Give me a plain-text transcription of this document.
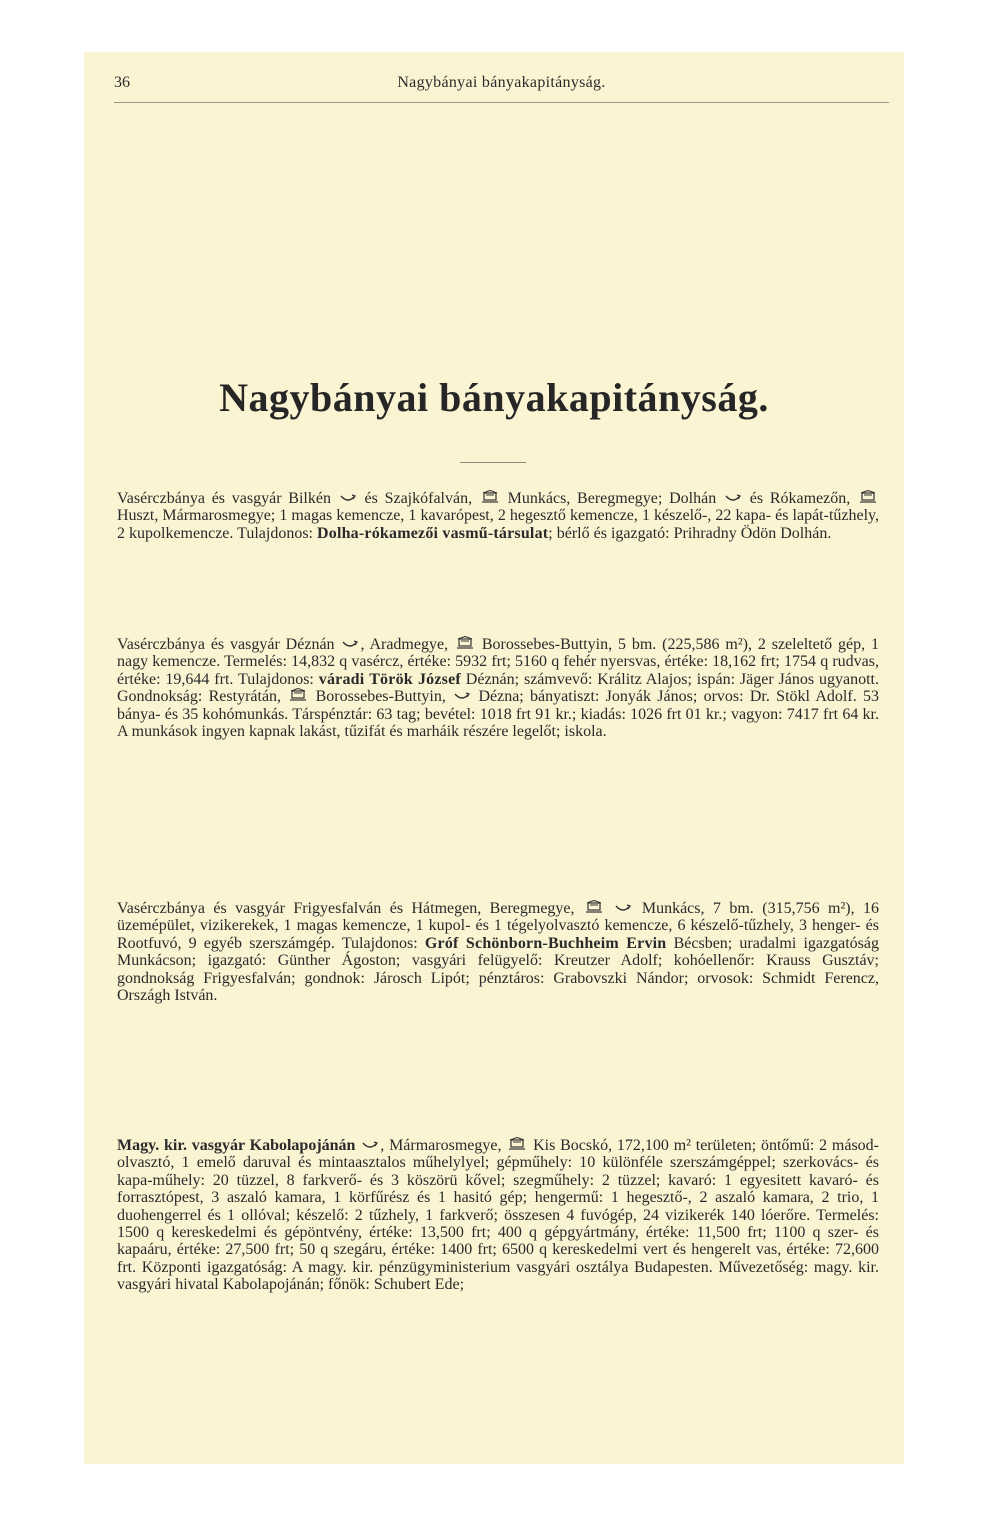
36	Nagybányai bányakapitányság.
Nagybányai bányakapitányság.

Vasérczbánya és vasgyár Bilkén  és Szajkófalván,  Munkács, Beregmegye; Dolhán  és Rókamezőn,  Huszt, Mármarosmegye; 1 magas kemencze, 1 kavarópest, 2 hegesztő kemencze, 1 készelő-, 22 kapa- és lapát-tűzhely, 2 kupolkemencze. Tulajdonos: Dolha-rókamezői vasmű-társulat; bérlő és igazgató: Prihradny Ödön Dolhán.

Vasérczbánya és vasgyár Déznán , Aradmegye,  Borossebes-Buttyin, 5 bm. (225,586 m²), 2 szeleltető gép, 1 nagy kemencze. Termelés: 14,832 q vasércz, értéke: 5932 frt; 5160 q fehér nyersvas, értéke: 18,162 frt; 1754 q rudvas, értéke: 19,644 frt. Tulajdonos: váradi Török József Déznán; számvevő: Králitz Alajos; ispán: Jäger János ugyanott. Gondnokság: Restyrátán,  Borossebes-Buttyin,  Dézna; bányatiszt: Jonyák János; orvos: Dr. Stökl Adolf. 53 bánya- és 35 kohómunkás. Társpénztár: 63 tag; bevétel: 1018 frt 91 kr.; kiadás: 1026 frt 01 kr.; vagyon: 7417 frt 64 kr. A munkások ingyen kapnak lakást, tűzifát és marháik részére legelőt; iskola.

Vasérczbánya és vasgyár Frigyesfalván és Hátmegen, Beregmegye,	Munkács, 7 bm. (315,756 m²), 16 üzemépület, vizikerekek, 1 magas kemencze, 1 kupol- és 1 tégelyolvasztó kemencze, 6 készelő-tűzhely, 3 henger- és Rootfuvó, 9 egyéb szerszámgép. Tulajdonos: Gróf Schönborn-Buchheim Ervin Bécsben; uradalmi igazgatóság Munkácson; igazgató: Günther Ágoston; vasgyári felügyelő: Kreutzer Adolf; kohóellenőr: Krauss Gusztáv; gondnokság Frigyesfalván; gondnok: Járosch Lipót; pénztáros: Grabovszki Nándor; orvosok: Schmidt Ferencz, Országh István.

Magy. kir. vasgyár Kabolapojánán , Mármarosmegye,  Kis Bocskó, 172,100 m² területen; öntőmű: 2 másod-olvasztó, 1 emelő daruval és mintaasztalos műhelylyel; gépműhely: 10 különféle szerszámgéppel; szerkovács- és kapa-műhely: 20 tüzzel, 8 farkverő- és 3 köszörü kővel; szegműhely: 2 tüzzel; kavaró: 1 egyesitett kavaró- és forrasztópest, 3 aszaló kamara, 1 körfűrész és 1 hasitó gép; hengermű: 1 hegesztő-, 2 aszaló kamara, 2 trio, 1 duohengerrel és 1 ollóval; készelő: 2 tűzhely, 1 farkverő; összesen 4 fuvógép, 24 vizikerék 140 lóerőre. Termelés: 1500 q kereskedelmi és gépöntvény, értéke: 13,500 frt; 400 q gépgyártmány, értéke: 11,500 frt; 1100 q szer- és kapaáru, értéke: 27,500 frt; 50 q szegáru, értéke: 1400 frt; 6500 q kereskedelmi vert és hengerelt vas, értéke: 72,600 frt. Központi igazgatóság: A magy. kir. pénzügyministerium vasgyári osztálya Budapesten. Művezetőség: magy. kir. vasgyári hivatal Kabolapojánán; főnök: Schubert Ede;
